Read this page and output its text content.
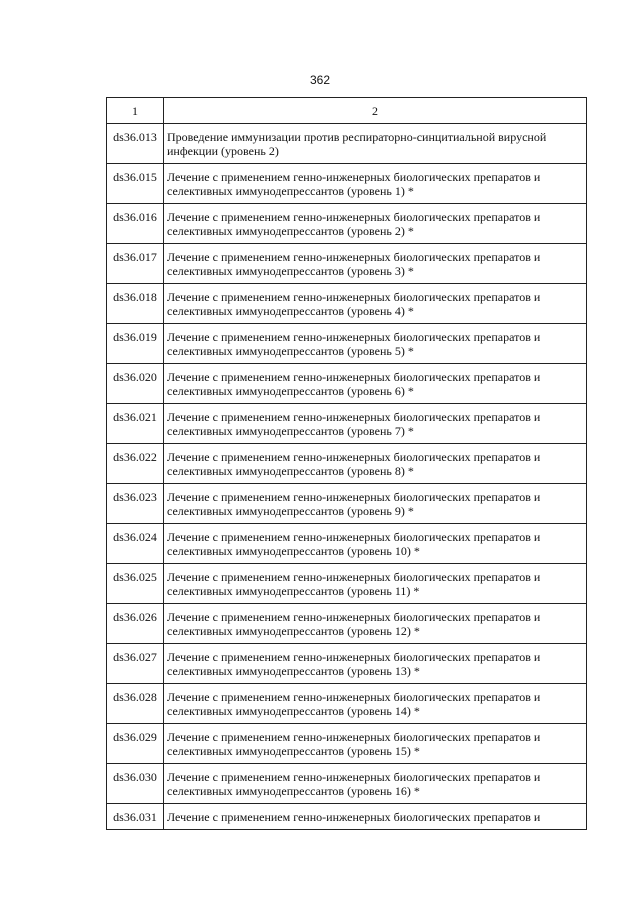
362
1	2
ds36.013	Проведение иммунизации против респираторно-синцитиальной вирусной инфекции (уровень 2)
ds36.015	Лечение с применением генно-инженерных биологических препаратов и селективных иммунодепрессантов (уровень 1) *
ds36.016	Лечение с применением генно-инженерных биологических препаратов и селективных иммунодепрессантов (уровень 2) *
ds36.017	Лечение с применением генно-инженерных биологических препаратов и селективных иммунодепрессантов (уровень 3) *
ds36.018	Лечение с применением генно-инженерных биологических препаратов и селективных иммунодепрессантов (уровень 4) *
ds36.019	Лечение с применением генно-инженерных биологических препаратов и селективных иммунодепрессантов (уровень 5) *
ds36.020	Лечение с применением генно-инженерных биологических препаратов и селективных иммунодепрессантов (уровень 6) *
ds36.021	Лечение с применением генно-инженерных биологических препаратов и селективных иммунодепрессантов (уровень 7) *
ds36.022	Лечение с применением генно-инженерных биологических препаратов и селективных иммунодепрессантов (уровень 8) *
ds36.023	Лечение с применением генно-инженерных биологических препаратов и селективных иммунодепрессантов (уровень 9) *
ds36.024	Лечение с применением генно-инженерных биологических препаратов и селективных иммунодепрессантов (уровень 10) *
ds36.025	Лечение с применением генно-инженерных биологических препаратов и селективных иммунодепрессантов (уровень 11) *
ds36.026	Лечение с применением генно-инженерных биологических препаратов и селективных иммунодепрессантов (уровень 12) *
ds36.027	Лечение с применением генно-инженерных биологических препаратов и селективных иммунодепрессантов (уровень 13) *
ds36.028	Лечение с применением генно-инженерных биологических препаратов и селективных иммунодепрессантов (уровень 14) *
ds36.029	Лечение с применением генно-инженерных биологических препаратов и селективных иммунодепрессантов (уровень 15) *
ds36.030	Лечение с применением генно-инженерных биологических препаратов и селективных иммунодепрессантов (уровень 16) *
ds36.031	Лечение с применением генно-инженерных биологических препаратов и
